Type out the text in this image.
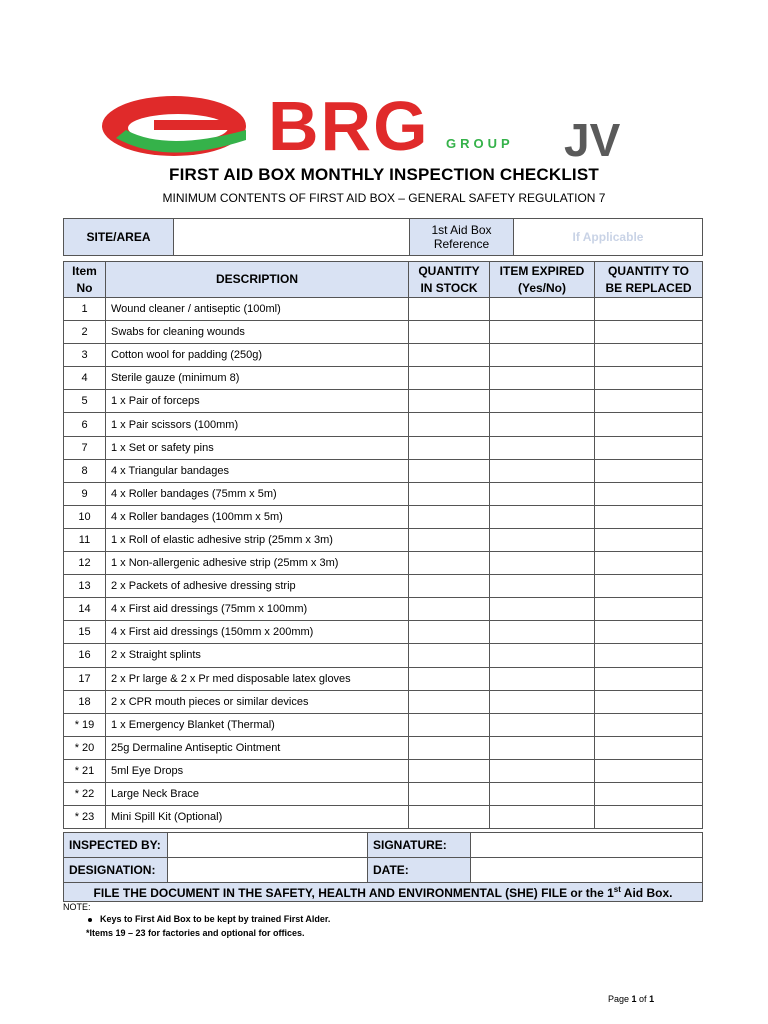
BRG GROUP JV
FIRST AID BOX MONTHLY INSPECTION CHECKLIST
MINIMUM CONTENTS OF FIRST AID BOX – GENERAL SAFETY REGULATION 7
SITE/AREA		1st Aid Box Reference	If Applicable
Item No	DESCRIPTION	QUANTITY IN STOCK	ITEM EXPIRED (Yes/No)	QUANTITY TO BE REPLACED
1	Wound cleaner / antiseptic (100ml)			
2	Swabs for cleaning wounds			
3	Cotton wool for padding (250g)			
4	Sterile gauze (minimum 8)			
5	1 x Pair of forceps			
6	1 x Pair scissors (100mm)			
7	1 x Set or safety pins			
8	4 x Triangular bandages			
9	4 x Roller bandages (75mm x 5m)			
10	4 x Roller bandages (100mm x 5m)			
11	1 x Roll of elastic adhesive strip (25mm x 3m)			
12	1 x Non-allergenic adhesive strip (25mm x 3m)			
13	2 x Packets of adhesive dressing strip			
14	4 x First aid dressings (75mm x 100mm)			
15	4 x First aid dressings (150mm x 200mm)			
16	2 x Straight splints			
17	2 x Pr large & 2 x Pr med disposable latex gloves			
18	2 x CPR mouth pieces or similar devices			
* 19	1 x Emergency Blanket (Thermal)			
* 20	25g Dermaline Antiseptic Ointment			
* 21	5ml Eye Drops			
* 22	Large Neck Brace			
* 23	Mini Spill Kit (Optional)			
INSPECTED BY:		SIGNATURE:	
DESIGNATION:		DATE:	
FILE THE DOCUMENT IN THE SAFETY, HEALTH AND ENVIRONMENTAL (SHE) FILE or the 1st Aid Box.			
NOTE:
Keys to First Aid Box to be kept by trained First Alder.
*Items 19 – 23 for factories and optional for offices.
Page 1 of 1
